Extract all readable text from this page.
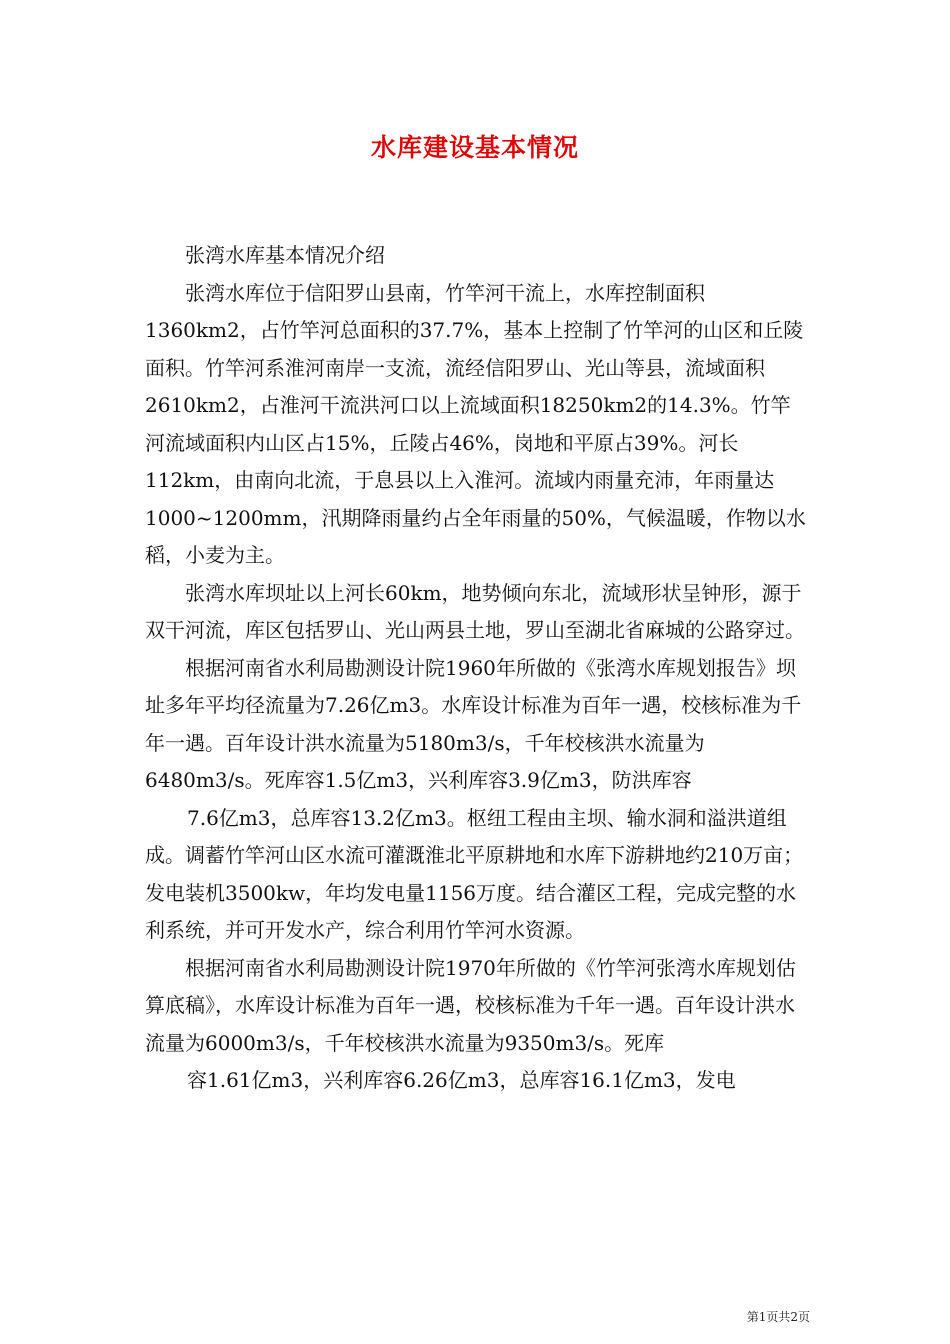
水库建设基本情况

张湾水库基本情况介绍

张湾水库位于信阳罗山县南，竹竿河干流上，水库控制面积1360km2，占竹竿河总面积的37.7%，基本上控制了竹竿河的山区和丘陵面积。竹竿河系淮河南岸一支流，流经信阳罗山、光山等县，流域面积2610km2，占淮河干流洪河口以上流域面积18250km2的14.3%。竹竿河流域面积内山区占15%，丘陵占46%，岗地和平原占39%。河长112km，由南向北流，于息县以上入淮河。流域内雨量充沛，年雨量达1000~1200mm，汛期降雨量约占全年雨量的50%，气候温暖，作物以水稻，小麦为主。

张湾水库坝址以上河长60km，地势倾向东北，流域形状呈钟形，源于双干河流，库区包括罗山、光山两县土地，罗山至湖北省麻城的公路穿过。

根据河南省水利局勘测设计院1960年所做的《张湾水库规划报告》坝址多年平均径流量为7.26亿m3。水库设计标准为百年一遇，校核标准为千年一遇。百年设计洪水流量为5180m3/s，千年校核洪水流量为6480m3/s。死库容1.5亿m3，兴利库容3.9亿m3，防洪库容

7.6亿m3，总库容13.2亿m3。枢纽工程由主坝、输水洞和溢洪道组成。调蓄竹竿河山区水流可灌溉淮北平原耕地和水库下游耕地约210万亩；发电装机3500kw，年均发电量1156万度。结合灌区工程，完成完整的水利系统，并可开发水产，综合利用竹竿河水资源。

根据河南省水利局勘测设计院1970年所做的《竹竿河张湾水库规划估算底稿》，水库设计标准为百年一遇，校核标准为千年一遇。百年设计洪水流量为6000m3/s，千年校核洪水流量为9350m3/s。死库

容1.61亿m3，兴利库容6.26亿m3，总库容16.1亿m3，发电

第1页共2页
